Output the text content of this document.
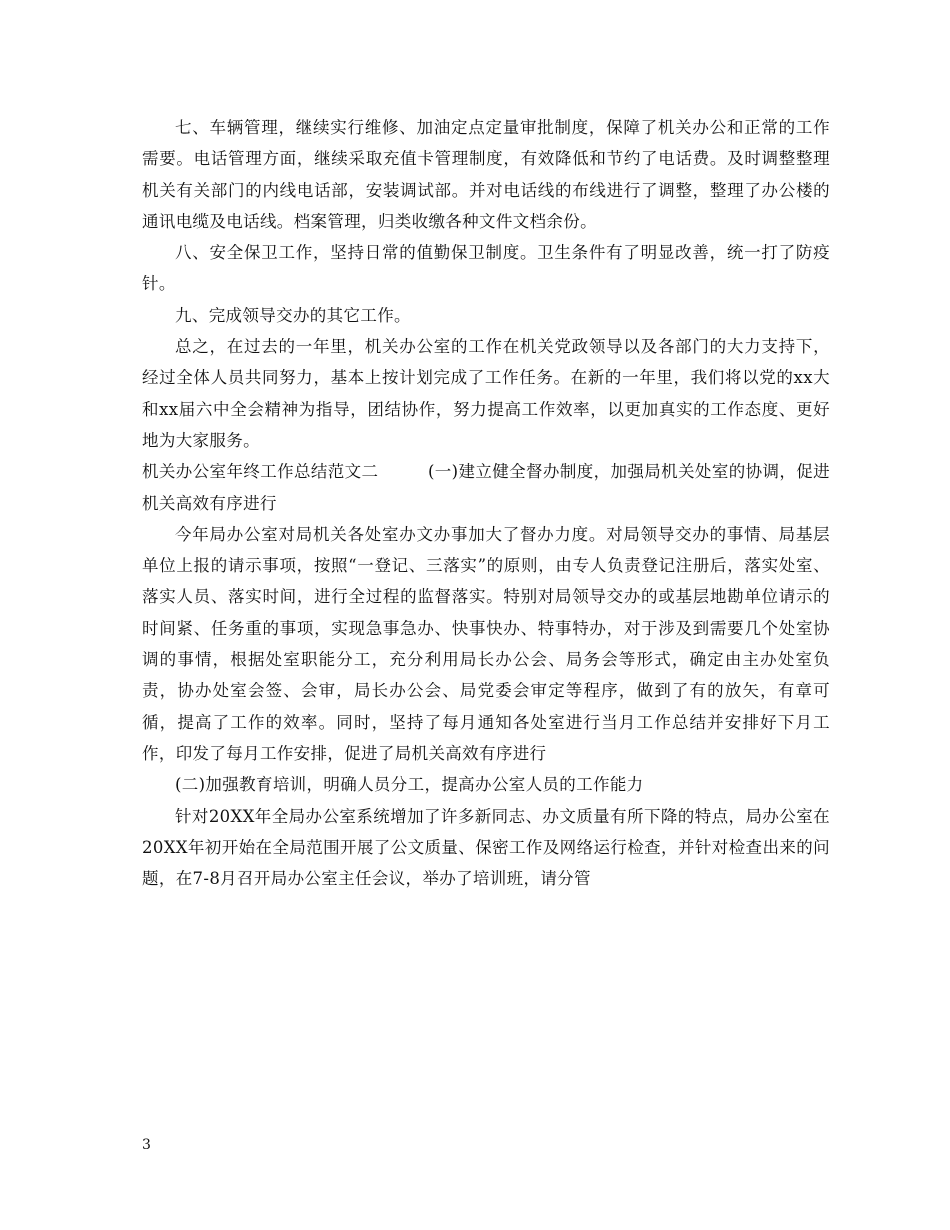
七、车辆管理，继续实行维修、加油定点定量审批制度，保障了机关办公和正常的工作需要。电话管理方面，继续采取充值卡管理制度，有效降低和节约了电话费。及时调整整理机关有关部门的内线电话部，安装调试部。并对电话线的布线进行了调整，整理了办公楼的通讯电缆及电话线。档案管理，归类收缴各种文件文档余份。

八、安全保卫工作，坚持日常的值勤保卫制度。卫生条件有了明显改善，统一打了防疫针。

九、完成领导交办的其它工作。

总之，在过去的一年里，机关办公室的工作在机关党政领导以及各部门的大力支持下，经过全体人员共同努力，基本上按计划完成了工作任务。在新的一年里，我们将以党的xx大和xx届六中全会精神为指导，团结协作，努力提高工作效率，以更加真实的工作态度、更好地为大家服务。

机关办公室年终工作总结范文二	(一)建立健全督办制度，加强局机关处室的协调，促进机关高效有序进行

今年局办公室对局机关各处室办文办事加大了督办力度。对局领导交办的事情、局基层单位上报的请示事项，按照“一登记、三落实”的原则，由专人负责登记注册后，落实处室、落实人员、落实时间，进行全过程的监督落实。特别对局领导交办的或基层地勘单位请示的时间紧、任务重的事项，实现急事急办、快事快办、特事特办，对于涉及到需要几个处室协调的事情，根据处室职能分工，充分利用局长办公会、局务会等形式，确定由主办处室负责，协办处室会签、会审，局长办公会、局党委会审定等程序，做到了有的放矢，有章可循，提高了工作的效率。同时，坚持了每月通知各处室进行当月工作总结并安排好下月工作，印发了每月工作安排，促进了局机关高效有序进行

(二)加强教育培训，明确人员分工，提高办公室人员的工作能力

针对20XX年全局办公室系统增加了许多新同志、办文质量有所下降的特点，局办公室在20XX年初开始在全局范围开展了公文质量、保密工作及网络运行检查，并针对检查出来的问题，在7-8月召开局办公室主任会议，举办了培训班，请分管

3
